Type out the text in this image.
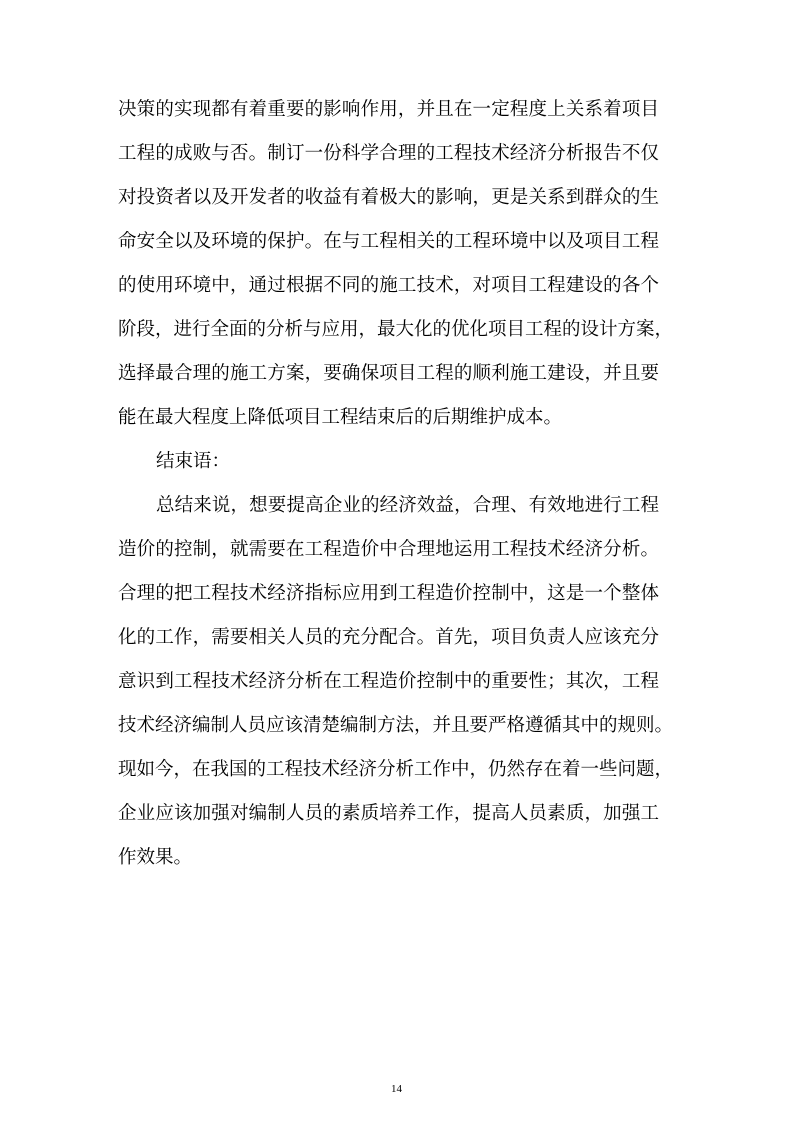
决策的实现都有着重要的影响作用，并且在一定程度上关系着项目
工程的成败与否。制订一份科学合理的工程技术经济分析报告不仅
对投资者以及开发者的收益有着极大的影响，更是关系到群众的生
命安全以及环境的保护。在与工程相关的工程环境中以及项目工程
的使用环境中，通过根据不同的施工技术，对项目工程建设的各个
阶段，进行全面的分析与应用，最大化的优化项目工程的设计方案，
选择最合理的施工方案，要确保项目工程的顺利施工建设，并且要
能在最大程度上降低项目工程结束后的后期维护成本。
结束语：
总结来说，想要提高企业的经济效益，合理、有效地进行工程
造价的控制，就需要在工程造价中合理地运用工程技术经济分析。
合理的把工程技术经济指标应用到工程造价控制中，这是一个整体
化的工作，需要相关人员的充分配合。首先，项目负责人应该充分
意识到工程技术经济分析在工程造价控制中的重要性；其次，工程
技术经济编制人员应该清楚编制方法，并且要严格遵循其中的规则。
现如今，在我国的工程技术经济分析工作中，仍然存在着一些问题，
企业应该加强对编制人员的素质培养工作，提高人员素质，加强工
作效果。
14
